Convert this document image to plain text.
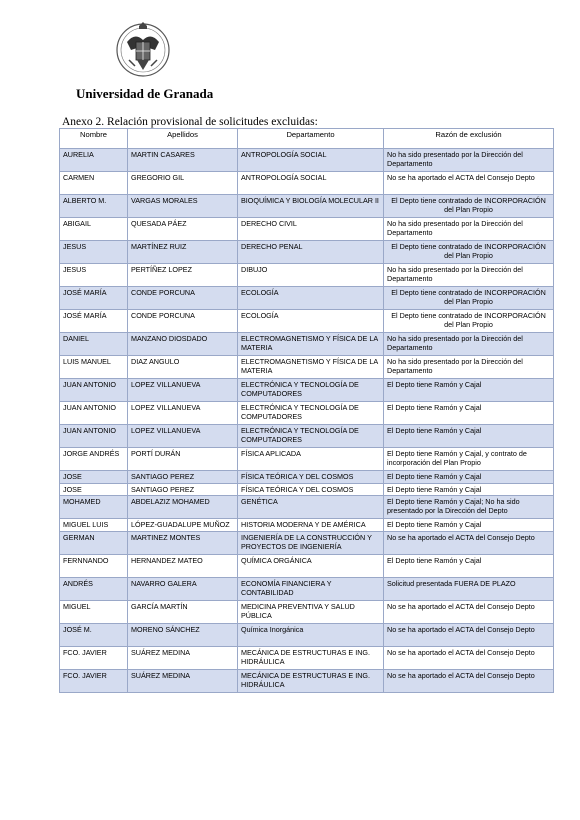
Universidad de Granada
Anexo 2. Relación provisional de solicitudes excluidas:
Nombre	Apellidos	Departamento	Razón de exclusión
AURELIA	MARTIN CASARES	ANTROPOLOGÍA SOCIAL	No ha sido presentado por la Dirección del Departamento
CARMEN	GREGORIO GIL	ANTROPOLOGÍA SOCIAL	No se ha aportado el ACTA del Consejo Depto
ALBERTO M.	VARGAS MORALES	BIOQUÍMICA Y BIOLOGÍA MOLECULAR II	El Depto tiene contratado de INCORPORACIÓN del Plan Propio
ABIGAIL	QUESADA PÁEZ	DERECHO CIVIL	No ha sido presentado por la Dirección del Departamento
JESUS	MARTÍNEZ RUIZ	DERECHO PENAL	El Depto tiene contratado de INCORPORACIÓN del Plan Propio
JESUS	PERTÍÑEZ LOPEZ	DIBUJO	No ha sido presentado por la Dirección del Departamento
JOSÉ MARÍA	CONDE PORCUNA	ECOLOGÍA	El Depto tiene contratado de INCORPORACIÓN del Plan Propio
JOSÉ MARÍA	CONDE PORCUNA	ECOLOGÍA	El Depto tiene contratado de INCORPORACIÓN del Plan Propio
DANIEL	MANZANO DIOSDADO	ELECTROMAGNETISMO Y FÍSICA DE LA MATERIA	No ha sido presentado por la Dirección del Departamento
LUIS MANUEL	DIAZ ANGULO	ELECTROMAGNETISMO Y FÍSICA DE LA MATERIA	No ha sido presentado por la Dirección del Departamento
JUAN ANTONIO	LOPEZ VILLANUEVA	ELECTRÓNICA Y TECNOLOGÍA DE COMPUTADORES	El Depto tiene Ramón y Cajal
JUAN ANTONIO	LOPEZ VILLANUEVA	ELECTRÓNICA Y TECNOLOGÍA DE COMPUTADORES	El Depto tiene Ramón y Cajal
JUAN ANTONIO	LOPEZ VILLANUEVA	ELECTRÓNICA Y TECNOLOGÍA DE COMPUTADORES	El Depto tiene Ramón y Cajal
JORGE ANDRÉS	PORTÍ DURÁN	FÍSICA APLICADA	El Depto tiene Ramón y Cajal, y contrato de incorporación del Plan Propio
JOSE	SANTIAGO PEREZ	FÍSICA TEÓRICA Y DEL COSMOS	El Depto tiene Ramón y Cajal
JOSE	SANTIAGO PEREZ	FÍSICA TEÓRICA Y DEL COSMOS	El Depto tiene Ramón y Cajal
MOHAMED	ABDELAZIZ MOHAMED	GENÉTICA	El Depto tiene Ramón y Cajal; No ha sido presentado por la Dirección del Depto
MIGUEL LUIS	LÓPEZ-GUADALUPE MUÑOZ	HISTORIA MODERNA Y DE AMÉRICA	El Depto tiene Ramón y Cajal
GERMAN	MARTINEZ MONTES	INGENIERÍA DE LA CONSTRUCCIÓN Y PROYECTOS DE INGENIERÍA	No se ha aportado el ACTA del Consejo Depto
FERNNANDO	HERNANDEZ MATEO	QUÍMICA ORGÁNICA	El Depto tiene Ramón y Cajal
ANDRÉS	NAVARRO GALERA	ECONOMÍA FINANCIERA Y CONTABILIDAD	Solicitud presentada FUERA DE PLAZO
MIGUEL	GARCÍA MARTÍN	MEDICINA PREVENTIVA Y SALUD PÚBLICA	No se ha aportado el ACTA del Consejo Depto
JOSÉ M.	MORENO SÁNCHEZ	Química Inorgánica	No se ha aportado el ACTA del Consejo Depto
FCO. JAVIER	SUÁREZ MEDINA	MECÁNICA DE ESTRUCTURAS E ING. HIDRÁULICA	No se ha aportado el ACTA del Consejo Depto
FCO. JAVIER	SUÁREZ MEDINA	MECÁNICA DE ESTRUCTURAS E ING. HIDRÁULICA	No se ha aportado el ACTA del Consejo Depto
